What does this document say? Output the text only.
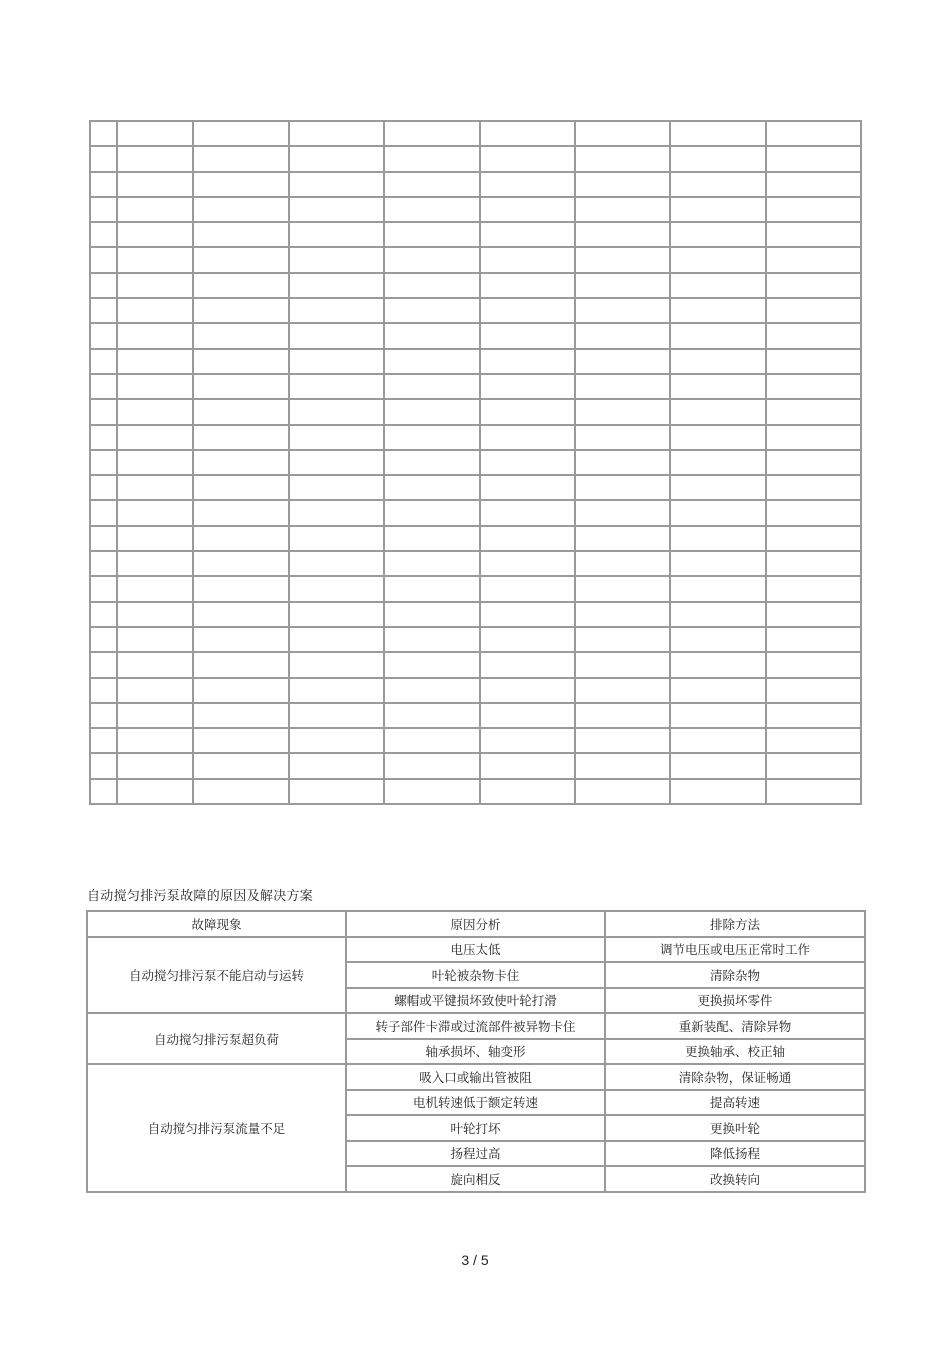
自动搅匀排污泵故障的原因及解决方案
故障现象	原因分析	排除方法
自动搅匀排污泵不能启动与运转	电压太低	调节电压或电压正常时工作
	叶轮被杂物卡住	清除杂物
	螺帽或平键损坏致使叶轮打滑	更换损坏零件
自动搅匀排污泵超负荷	转子部件卡滞或过流部件被异物卡住	重新装配、清除异物
	轴承损坏、轴变形	更换轴承、校正轴
自动搅匀排污泵流量不足	吸入口或输出管被阻	清除杂物，保证畅通
	电机转速低于额定转速	提高转速
	叶轮打坏	更换叶轮
	扬程过高	降低扬程
	旋向相反	改换转向
3 / 5
